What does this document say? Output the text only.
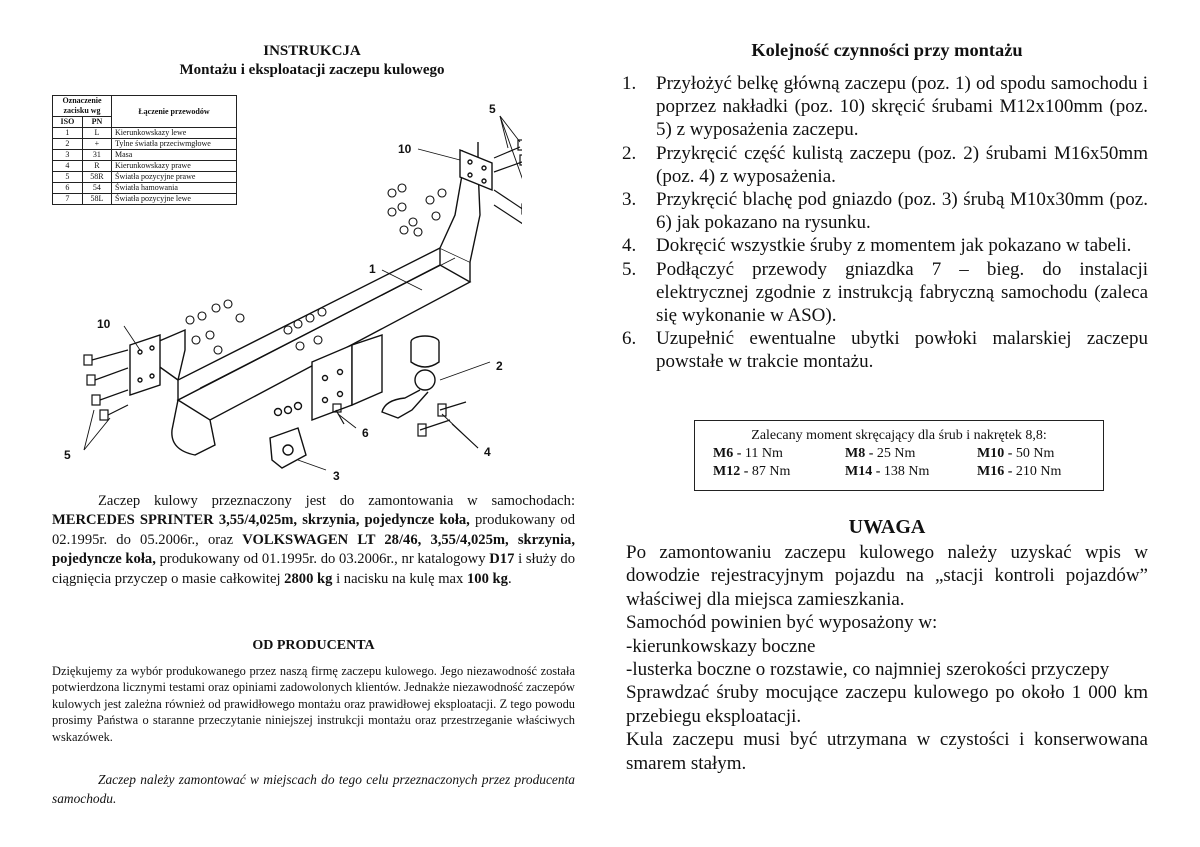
INSTRUKCJA
Montażu i eksploatacji zaczepu kulowego
5
10
1
10
2
6
5	4
3
Oznaczenie zacisku wg		Łączenie przewodów
ISO	PN	
1	L	Kierunkowskazy lewe
2	+	Tylne światła przeciwmgłowe
3	31	Masa
4	R	Kierunkowskazy prawe
5	58R	Światła pozycyjne prawe
6	54	Światła hamowania
7	58L	Światła pozycyjne lewe

Zaczep kulowy przeznaczony jest do zamontowania w samochodach: MERCEDES SPRINTER 3,55/4,025m, skrzynia, pojedyncze koła, produkowany od 02.1995r. do 05.2006r., oraz VOLKSWAGEN LT 28/46, 3,55/4,025m, skrzynia, pojedyncze koła, produkowany od 01.1995r. do 03.2006r., nr katalogowy D17 i służy do ciągnięcia przyczep o masie całkowitej 2800 kg i nacisku na kulę max 100 kg.

OD PRODUCENTA

Dziękujemy za wybór produkowanego przez naszą firmę zaczepu kulowego. Jego niezawodność została potwierdzona licznymi testami oraz opiniami zadowolonych klientów. Jednakże niezawodność zaczepów kulowych jest zależna również od prawidłowego montażu oraz prawidłowej eksploatacji. Z tego powodu prosimy Państwa o staranne przeczytanie niniejszej instrukcji montażu oraz przestrzeganie właściwych wskazówek.

Zaczep należy zamontować w miejscach do tego celu przeznaczonych przez producenta samochodu.

Kolejność czynności przy montażu
1.	Przyłożyć belkę główną zaczepu (poz. 1) od spodu samochodu i poprzez nakładki (poz. 10) skręcić śrubami M12x100mm (poz. 5) z wyposażenia zaczepu.
2.	Przykręcić część kulistą zaczepu (poz. 2) śrubami M16x50mm (poz. 4) z wyposażenia.
3.	Przykręcić blachę pod gniazdo (poz. 3) śrubą M10x30mm (poz. 6) jak pokazano na rysunku.
4.	Dokręcić wszystkie śruby z momentem jak pokazano w tabeli.
5.	Podłączyć przewody gniazdka 7 – bieg. do instalacji elektrycznej zgodnie z instrukcją fabryczną samochodu (zaleca się wykonanie w ASO).
6.	Uzupełnić ewentualne ubytki powłoki malarskiej zaczepu powstałe w trakcie montażu.
Zalecany moment skręcający dla śrub i nakrętek 8,8:
M6 - 11 Nm	M8 - 25 Nm	M10 - 50 Nm
M12 - 87 Nm	M14 - 138 Nm	M16 - 210 Nm
UWAGA

Po zamontowaniu zaczepu kulowego należy uzyskać wpis w dowodzie rejestracyjnym pojazdu na „stacji kontroli pojazdów” właściwej dla miejsca zamieszkania.

Samochód powinien być wyposażony w:

-kierunkowskazy boczne

-lusterka boczne o rozstawie, co najmniej szerokości przyczepy

Sprawdzać śruby mocujące zaczepu kulowego po około 1 000 km przebiegu eksploatacji.

Kula zaczepu musi być utrzymana w czystości i konserwowana smarem stałym.
